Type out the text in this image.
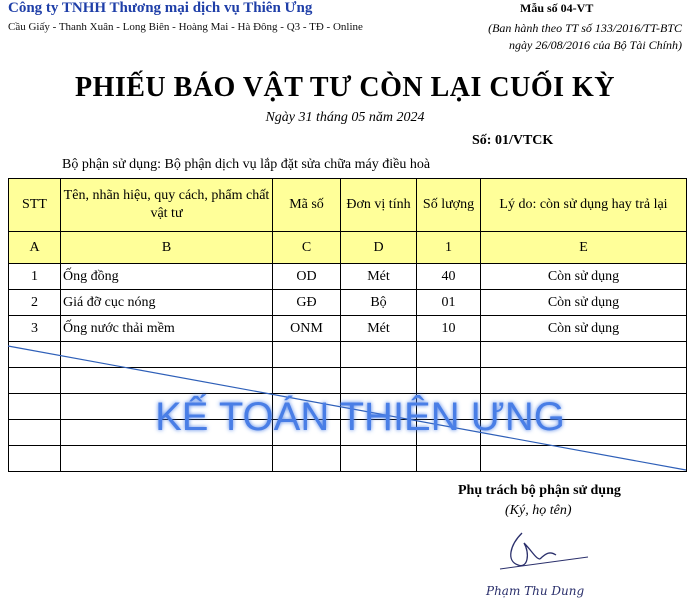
Công ty TNHH Thương mại dịch vụ Thiên Ưng
Cầu Giấy - Thanh Xuân - Long Biên - Hoàng Mai - Hà Đông - Q3 - TĐ - Online
Mẫu số 04-VT
(Ban hành theo TT số 133/2016/TT-BTC
ngày 26/08/2016 của Bộ Tài Chính)
PHIẾU BÁO VẬT TƯ CÒN LẠI CUỐI KỲ
Ngày 31 tháng 05 năm 2024
Số: 01/VTCK
Bộ phận sử dụng: Bộ phận dịch vụ lắp đặt sửa chữa máy điều hoà
STT	Tên, nhãn hiệu, quy cách, phẩm chất vật tư	Mã số	Đơn vị tính	Số lượng	Lý do: còn sử dụng hay trả lại
A	B	C	D	1	E
1	Ống đồng	OD	Mét	40	Còn sử dụng
2	Giá đỡ cục nóng	GĐ	Bộ	01	Còn sử dụng
3	Ống nước thải mềm	ONM	Mét	10	Còn sử dụng

KẾ TOÁN THIÊN ƯNG
Phụ trách bộ phận sử dụng
(Ký, họ tên)
Phạm Thu Dung
